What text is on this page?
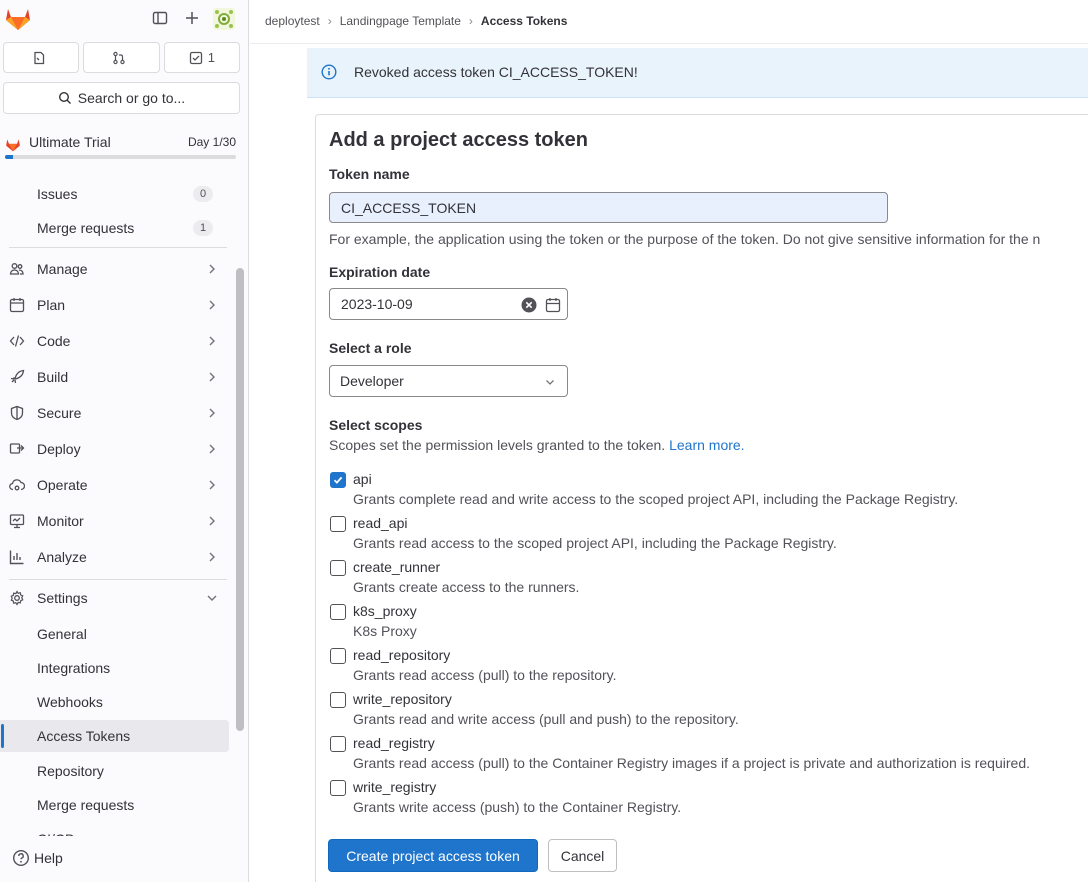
1
Search or go to...
Ultimate Trial	Day 1/30
Issues	0
Merge requests	1
Manage
Plan
Code
Build
Secure
Deploy
Operate
Monitor
Analyze
Settings
General
Integrations
Webhooks
Access Tokens
Repository
Merge requests
Help
deploytest › Landingpage Template › Access Tokens
Revoked access token CI_ACCESS_TOKEN!
Add a project access token
Token name
CI_ACCESS_TOKEN
For example, the application using the token or the purpose of the token. Do not give sensitive information for the n
Expiration date
2023-10-09
Select a role
Developer
Select scopes
Scopes set the permission levels granted to the token. Learn more.
api
Grants complete read and write access to the scoped project API, including the Package Registry.
read_api
Grants read access to the scoped project API, including the Package Registry.
create_runner
Grants create access to the runners.
k8s_proxy
K8s Proxy
read_repository
Grants read access (pull) to the repository.
write_repository
Grants read and write access (pull and push) to the repository.
read_registry
Grants read access (pull) to the Container Registry images if a project is private and authorization is required.
write_registry
Grants write access (push) to the Container Registry.
Create project access token	Cancel
